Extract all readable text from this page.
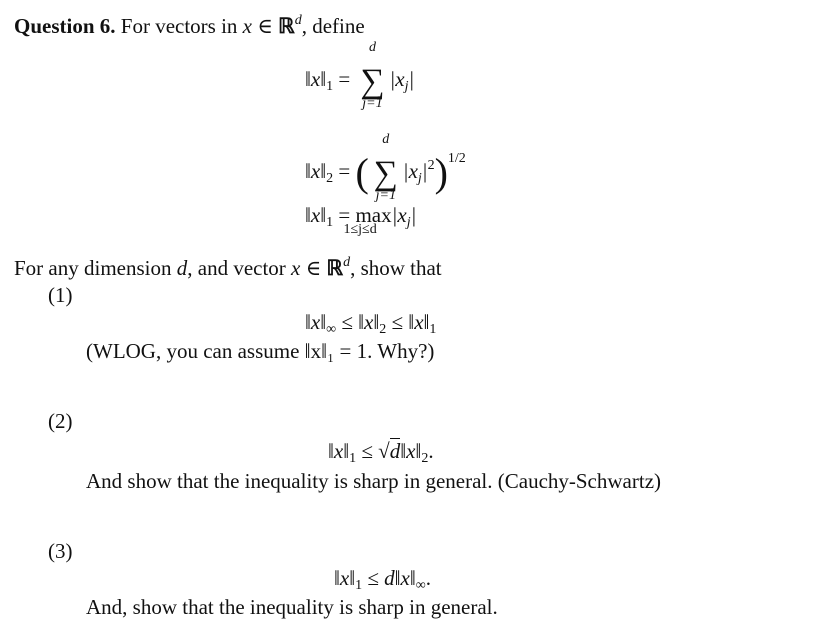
Question 6. For vectors in x ∈ ℝ$^d$, define
$‖x‖_1$ =
d
∑
j=1
$|x_j|$
$‖x‖_2$ = (
d
∑
j=1
$|x_j|^2)^{1/2}$
$‖x‖_1 = \max$
1≤j≤d
$|x_j|$
For any dimension d, and vector x ∈ ℝ$^d$, show that
(1)
$‖x‖_\infty$ ≤ $‖x‖_2$ ≤ $‖x‖_1$
(WLOG, you can assume ‖x‖₁ = 1. Why?)
(2)
$‖x‖_1$ ≤ $√d‖x‖_2$.
And show that the inequality is sharp in general. (Cauchy-Schwartz)
(3)
$‖x‖_1$ ≤ $d‖x‖_\infty$.
And, show that the inequality is sharp in general.
